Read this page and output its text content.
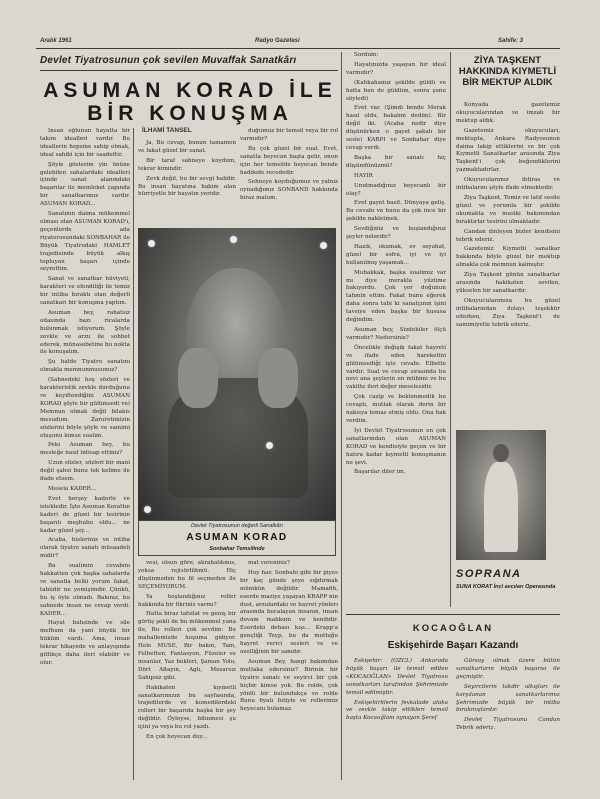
Aralık 1961	Radyo Gazetesi	Sahife: 3
Devlet Tiyatrosunun çok sevilen Muvaffak Sanatkârı
ASUMAN KORAD İLE
BİR KONUŞMA

İnsan oğlunun hayatta bir takım idealleri vardır. Bu ideallerin hepsine sahip olmak, ideal sahibi için bir saadettir.

Şöyle gösterim yin önüne gelebilen sahalardaki idealleri içinde sanat alanındaki başarılar ile memleket çapında bir sanatkarımız vardır. ASUMAN KORAD...

Sanatının daima mükemmel olması olan ASUMAN KORAD'ı, geçenlerde ada riyaterosundaki SONBAHAR ile Büyük Tiyatrodaki HAMLET trajedisinde büyük alkış topluyan başarı içinde seyrettim.

Sanat ve sanatkar hüviyeti, karakteri ve efendiliği ile temiz bir intiba bıraktı olan değerli sanatkarı bir konuşma yaptım.

Asuman bey, rahatsız odasında bazı ricalarda bulunmak istiyorum. Şöyle zevkle ve arzu ile sohbet ederek, münasebetine bu nokta ile konuşalım.

Şu halde Tiyatro sanatını olmakla memnunmusunuz?

(Sahnedeki hoş sözleri ve karakteristik zevkle durduğunu ve keyiflendiğini ASUMAN KORAD şöyle bir gülümsedi ve) Memnun olmak değil bilakis mesudum. Zaruretimizin sözlerini böyle şöyle ve samimi oluşunu kimse sualim.

Peki Asuman bey, bu mesleğe nasıl intisap ettiniz?

Uzun sözler, sözleri bir mani değil şahsi bunu tek kelime ile ifade etsem.

Mesela KADER...

Evet herşey kaderle ve istekledir. İşte Asuman Korattın kaderi de güzel bir tesirinin başarılı meşhubu oldu... ne kadar güzel şey...

Acaba, hisleriniz ve intiba olarak tiyatro sanatı müsaadeli midir?

Bu sualimin cevabını hakkatten çok başka sahalarda ve sanatla belki yorum fakat, tabiidir ne yemişimdir. Çünkü, bu iş öyle olmadı. Bakınız, bu sahnede insan ne cevap verdi. KADER...

Hayat bahsinde ve sile mefhum da yani büyük bir hüküm vardı. Ama, insan tekrar hikayede ve anlayışında gittikçe daha ileri olabilir ve olur.

İLHAMİ TANSEL

Ja, Bu cevap, bunun tamamen ve fakat güzel bir sanat.

Bir taraf sahneye koydum, tekrar kimindir.

Zevk değil, bu bir sevgi halidir. Bu insan hayatına hakim alan hürriyetle bir hayatın yeridir.

duğumuz bir temsil veya bir rol varmıdır?

Bu çok güzel bir sual. Evet, sanatta beyecan başta gelir, onun için her temsilde heyecan bende haddede recededir.

Sehneye koyduğumuz ve yalnız oynadığımız SONBAND hakkında biraz malum.

Devlet Tiyatrosunun değerli Sanatkârı
ASUMAN KORAD
Sonbahar Temsilinde

vesi, olsun göre, akrabalıkmıs, yoksa rejisörlükmü. Hiç düşünmeden bu fil seçmeden ile SEÇEMİYORUM.

Ya hoşlandığınız roller hakkında bir fikriniz varmı?

Hatta biraz tafsilat ve geniş bir görüş şekli de bu mükemmel yana ile, Bu rolleri çok sevdim: Bu mahallemizde hoşuma gidiyor. Hele MUSE, Bir bakın, Tam, Felhetten, Fantasyon, Füzeler ve insanlar, Yaz bekleri, Şaman Yolu, Dört Altayın, Aglı, Mezarsız Sahipsiz gibi.

Hakikaten kıymetli sanatkarımızın bu sayfasında, trajedilerde ve komedilerdeki rolleri bir başarıda başka bir şey değildir. Öyleyse, bilinmesi şu içini ya veya bu rol yazdı.

En çok heyecan duy...

mat vereniniz?

Hoy hav. Sonbahi gibi bir piyes bir kaç günde şeye sığdırmak mümkün değildir. Mamafih, eserde maziye yaşayan KRAPP nin dost, arzulardaki ve hayret yönlerı arasında bocalayan insanın, insan devam mahkum ve kendidir. Eserdeki dehası kışı... Krapp'a gençliği Teyp, bu da mutluğu hayret verici sesleri ve ve ozelliğinin bir sanıdır.

Asuman Bey, hangi bakımdan mutlaka edersiniz? Birinin bir tiyatro sanatı ve seyirci bir çok hiçbir kimse yok. Bu rolde, çok yönlü bir bulundukça ve rolde Bunu fiyatı fotiyle ve rollerimiz heyecanı bulamaz.

Sordum:

Hayatınızda yaşayan bir ideal varmıdır?

(Kahkahamız şekilde güldü ve hatta ben de güldüm, sonra şunu söyledi)

Evet var. (Şimdi bende Merak hasıl oldu, bakalım dedim). Bir değil iki. (Acaba nedir diye düşünürken o gayet şakalı bir sesle) KARPI ve Sonbahar diye cevap verdi.

Başka bir sanatı hiç düşündünüzmü?

HAYIR

Unutmadığınız beyecanlı bir olay?

Evet gayet basit. Dünyaya geliş. Bu cevabı ve bunu da çok ince bir şekilde nakletmek.

Sevdiğiniz ve hoşlandığınız şeyler nelerdir?

Hazık, okumak, ev seyahat, güzel bir sofra, iyi ve iyi kullanılmış yaşamak...

Muhakkak, başka sualimiz var mı diye merakla yüzüme bakıyordu. Çok yer doğunun tahmin ettim. Fakat bunu eğerek daha sonra tabi ki sanatçının işini tavsiye eden başka bir hususa değindim.

Asuman bey, Sizdekiler ölçü varmıdır? Nedersiniz?

Öncelikle değişik fakat hayreti ve ifade eden hareketini gülümsediği işte cevabı. Elbette vardır. Sual ve cevap sırasında bu nevi ana şeylerin en mühimi ve bu vakitte ileri değer meselesidir.

Çok cazip ve beklenmedik bu cevaplı, mutlak olarak derin bir nakısya temas etmiş oldu. Ona hak verdim.

İyi Devlet Tiyatrosunun en çok sanatlarından olan ASUMAN KORAD ve kendisiyle geçen ve bir hatıra kadar kıymetli konuşmanın ne şevi.

Başarılar diler im.

ZİYA TAŞKENT HAKKINDA KIYMETLİ BİR MEKTUP ALDIK

Konyada gazetemiz okuyucularından ve imzalı bir mektup aldık.

Gazetemiz okuyucuları, mektupta, Ankara Radyosunun daima takip ettiklerini ve bir çok Kıymetli Sanatkarlar arasında Ziya Taşkent'i çok beğendiklerini yazmaktadırlar.

Okuyucularımız ihtiras ve intibalarını şöyle ifade etmektedir.

Ziya Taşkent, Temiz ve latif sesile güzel ve yorumla bir şekilde okumakta ve musiki bakımından bıraktırlar tesirini olmaktadır.

Candan dinleyen bizler kendisini tebrik ederiz.

Gazetemiz Kıymetli sanatkar hakkında böyle güzel bir mektup almakla çok memnun kalmıştır.

Ziya Taşkent günün sanatkarlar arasında hakikaten sevilen, yükselen bir sanatkardır.

Okuyucularımıza bu güzel intibalarından dolayı teşekkür ederken, Ziya Taşkent'i de samimiyetle tebrik ederiz.

SOPRANA
SUNA KORAT İnci avcıları Operasında
KOCAOĞLAN
Eskişehirde Başarı Kazandı

Eskişehir: (ÖZCL) Ankarada büyük başarı ile temsil edilen «KOCAOĞLAN» Devlet Tiyatrosu sanatkarları tarafından Şehrimizde temsil edilmiştir.

Eskişehirlilerin fevkalade alaka ve zevkle takip ettikleri temsil başta Kocaoğlanı oynayan Şeref

Gürsoy olmak üzere bütün sanatkarların büyük başarısı ile geçmiştir.

Seyircilerin takdir alkışları ile karşılanan sanatkarlarımız Şehrimizde büyük bir intiba bırakmışlardır.

Devlet Tiyatrosunu Candan Tebrik ederiz.
